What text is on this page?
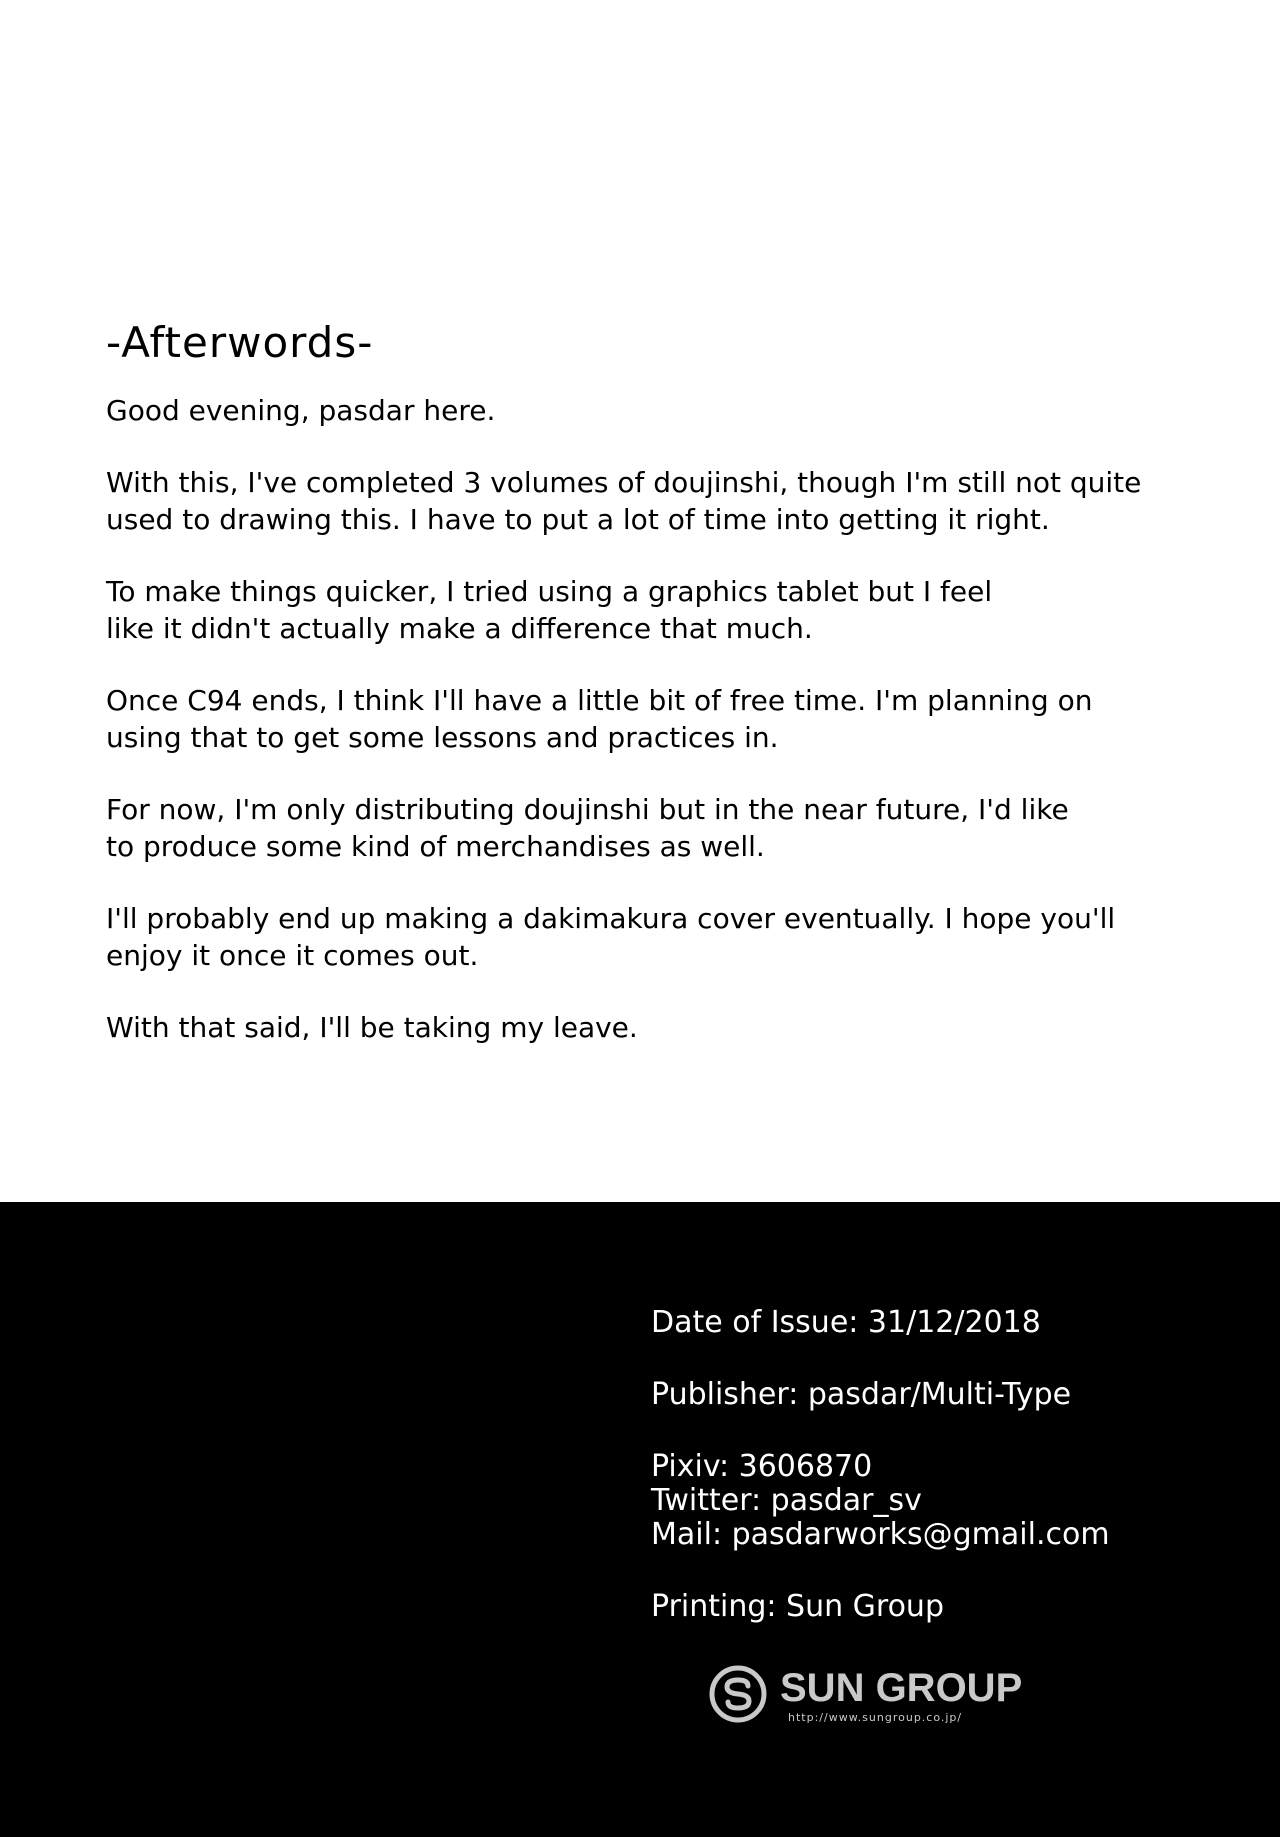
-Afterwords-

Good evening, pasdar here.

With this, I've completed 3 volumes of doujinshi, though I'm still not quite
used to drawing this. I have to put a lot of time into getting it right.

To make things quicker, I tried using a graphics tablet but I feel
like it didn't actually make a difference that much.

Once C94 ends, I think I'll have a little bit of free time. I'm planning on
using that to get some lessons and practices in.

For now, I'm only distributing doujinshi but in the near future, I'd like
to produce some kind of merchandises as well.

I'll probably end up making a dakimakura cover eventually. I hope you'll
enjoy it once it comes out.

With that said, I'll be taking my leave.

Date of Issue: 31/12/2018

Publisher: pasdar/Multi-Type

Pixiv: 3606870

Twitter: pasdar_sv

Mail: pasdarworks@gmail.com

Printing: Sun Group

SUN GROUP
http://www.sungroup.co.jp/
